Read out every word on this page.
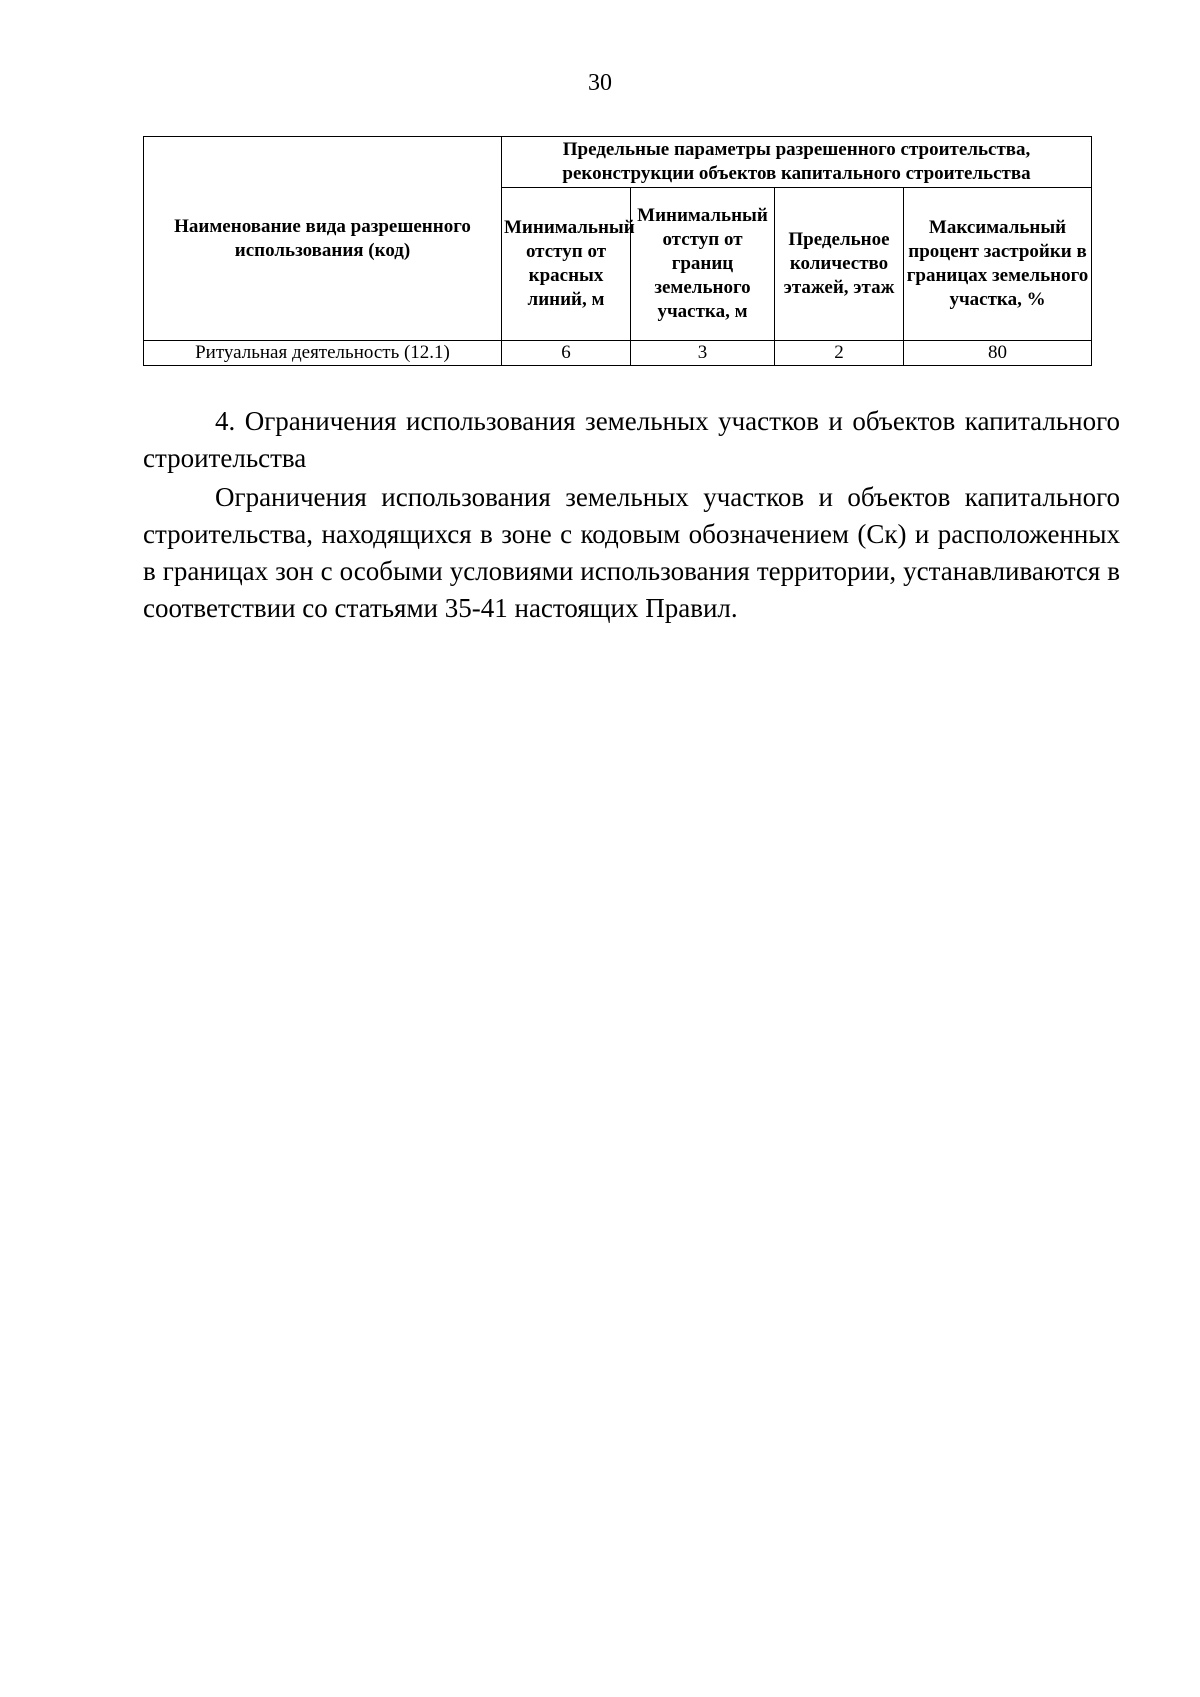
30
Наименование вида разрешенного использования (код)	Предельные параметры разрешенного строительства, реконструкции объектов капитального строительства			
	Минимальный отступ от красных линий, м	Минимальный отступ от границ земельного участка, м	Предельное количество этажей, этаж	Максимальный процент застройки в границах земельного участка, %
Ритуальная деятельность (12.1)	6	3	2	80
4. Ограничения использования земельных участков и объектов капитального строительства
Ограничения использования земельных участков и объектов капитального строительства, находящихся в зоне с кодовым обозначением (Ск) и расположенных в границах зон с особыми условиями использования территории, устанавливаются в соответствии со статьями 35-41 настоящих Правил.
